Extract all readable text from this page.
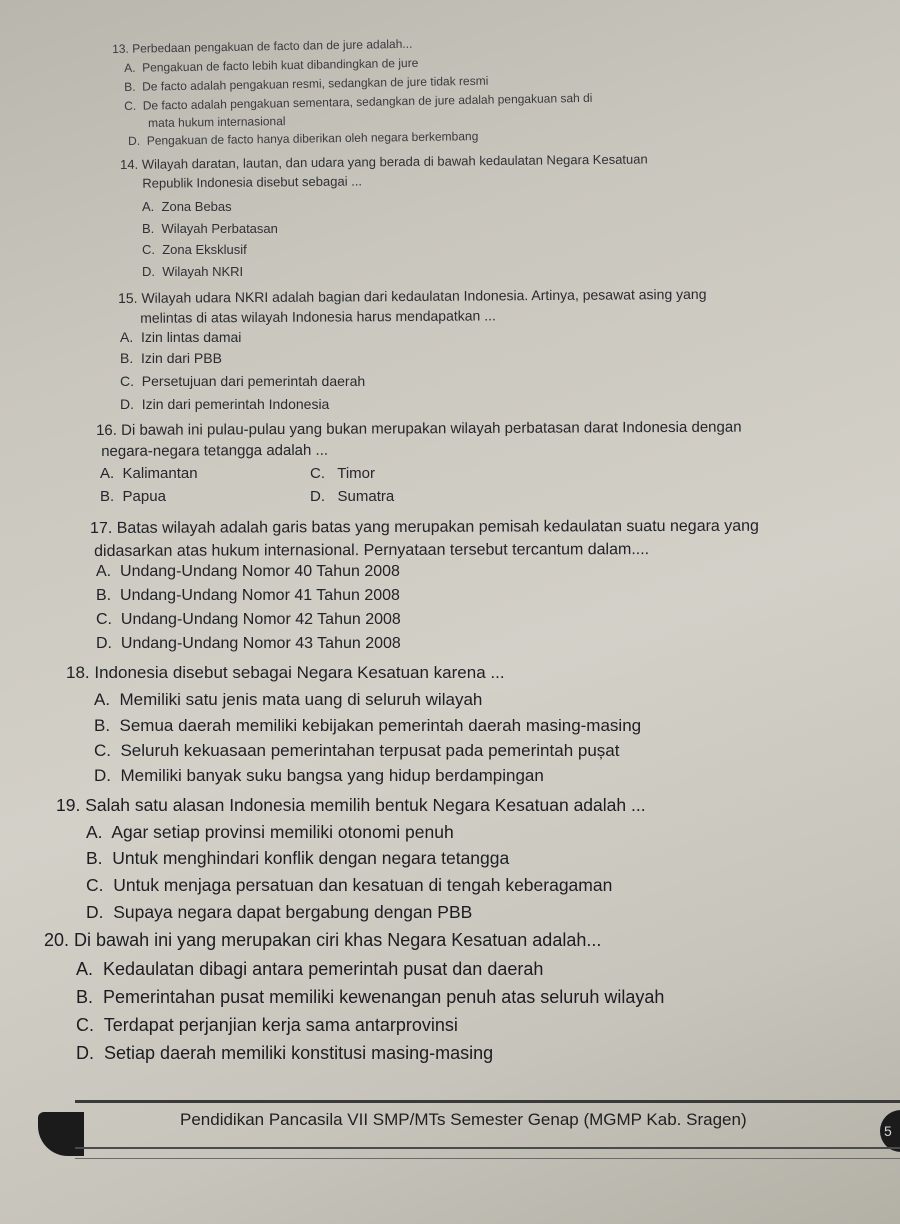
13. Perbedaan pengakuan de facto dan de jure adalah...
A. Pengakuan de facto lebih kuat dibandingkan de jure
B. De facto adalah pengakuan resmi, sedangkan de jure tidak resmi
C. De facto adalah pengakuan sementara, sedangkan de jure adalah pengakuan sah di
mata hukum internasional
D. Pengakuan de facto hanya diberikan oleh negara berkembang
14. Wilayah daratan, lautan, dan udara yang berada di bawah kedaulatan Negara Kesatuan
Republik Indonesia disebut sebagai ...
A. Zona Bebas
B. Wilayah Perbatasan
C. Zona Eksklusif
D. Wilayah NKRI
15. Wilayah udara NKRI adalah bagian dari kedaulatan Indonesia. Artinya, pesawat asing yang
melintas di atas wilayah Indonesia harus mendapatkan ...
A. Izin lintas damai
B. Izin dari PBB
C. Persetujuan dari pemerintah daerah
D. Izin dari pemerintah Indonesia
16. Di bawah ini pulau-pulau yang bukan merupakan wilayah perbatasan darat Indonesia dengan
negara-negara tetangga adalah ...
A. Kalimantan	C. Timor
B. Papua	D. Sumatra
17. Batas wilayah adalah garis batas yang merupakan pemisah kedaulatan suatu negara yang
didasarkan atas hukum internasional. Pernyataan tersebut tercantum dalam....
A. Undang-Undang Nomor 40 Tahun 2008
B. Undang-Undang Nomor 41 Tahun 2008
C. Undang-Undang Nomor 42 Tahun 2008
D. Undang-Undang Nomor 43 Tahun 2008
18. Indonesia disebut sebagai Negara Kesatuan karena ...
A. Memiliki satu jenis mata uang di seluruh wilayah
B. Semua daerah memiliki kebijakan pemerintah daerah masing-masing
C. Seluruh kekuasaan pemerintahan terpusat pada pemerintah pușat
D. Memiliki banyak suku bangsa yang hidup berdampingan
19. Salah satu alasan Indonesia memilih bentuk Negara Kesatuan adalah ...
A. Agar setiap provinsi memiliki otonomi penuh
B. Untuk menghindari konflik dengan negara tetangga
C. Untuk menjaga persatuan dan kesatuan di tengah keberagaman
D. Supaya negara dapat bergabung dengan PBB
20. Di bawah ini yang merupakan ciri khas Negara Kesatuan adalah...
A. Kedaulatan dibagi antara pemerintah pusat dan daerah
B. Pemerintahan pusat memiliki kewenangan penuh atas seluruh wilayah
C. Terdapat perjanjian kerja sama antarprovinsi
D. Setiap daerah memiliki konstitusi masing-masing
Pendidikan Pancasila VII SMP/MTs Semester Genap (MGMP Kab. Sragen)
5
